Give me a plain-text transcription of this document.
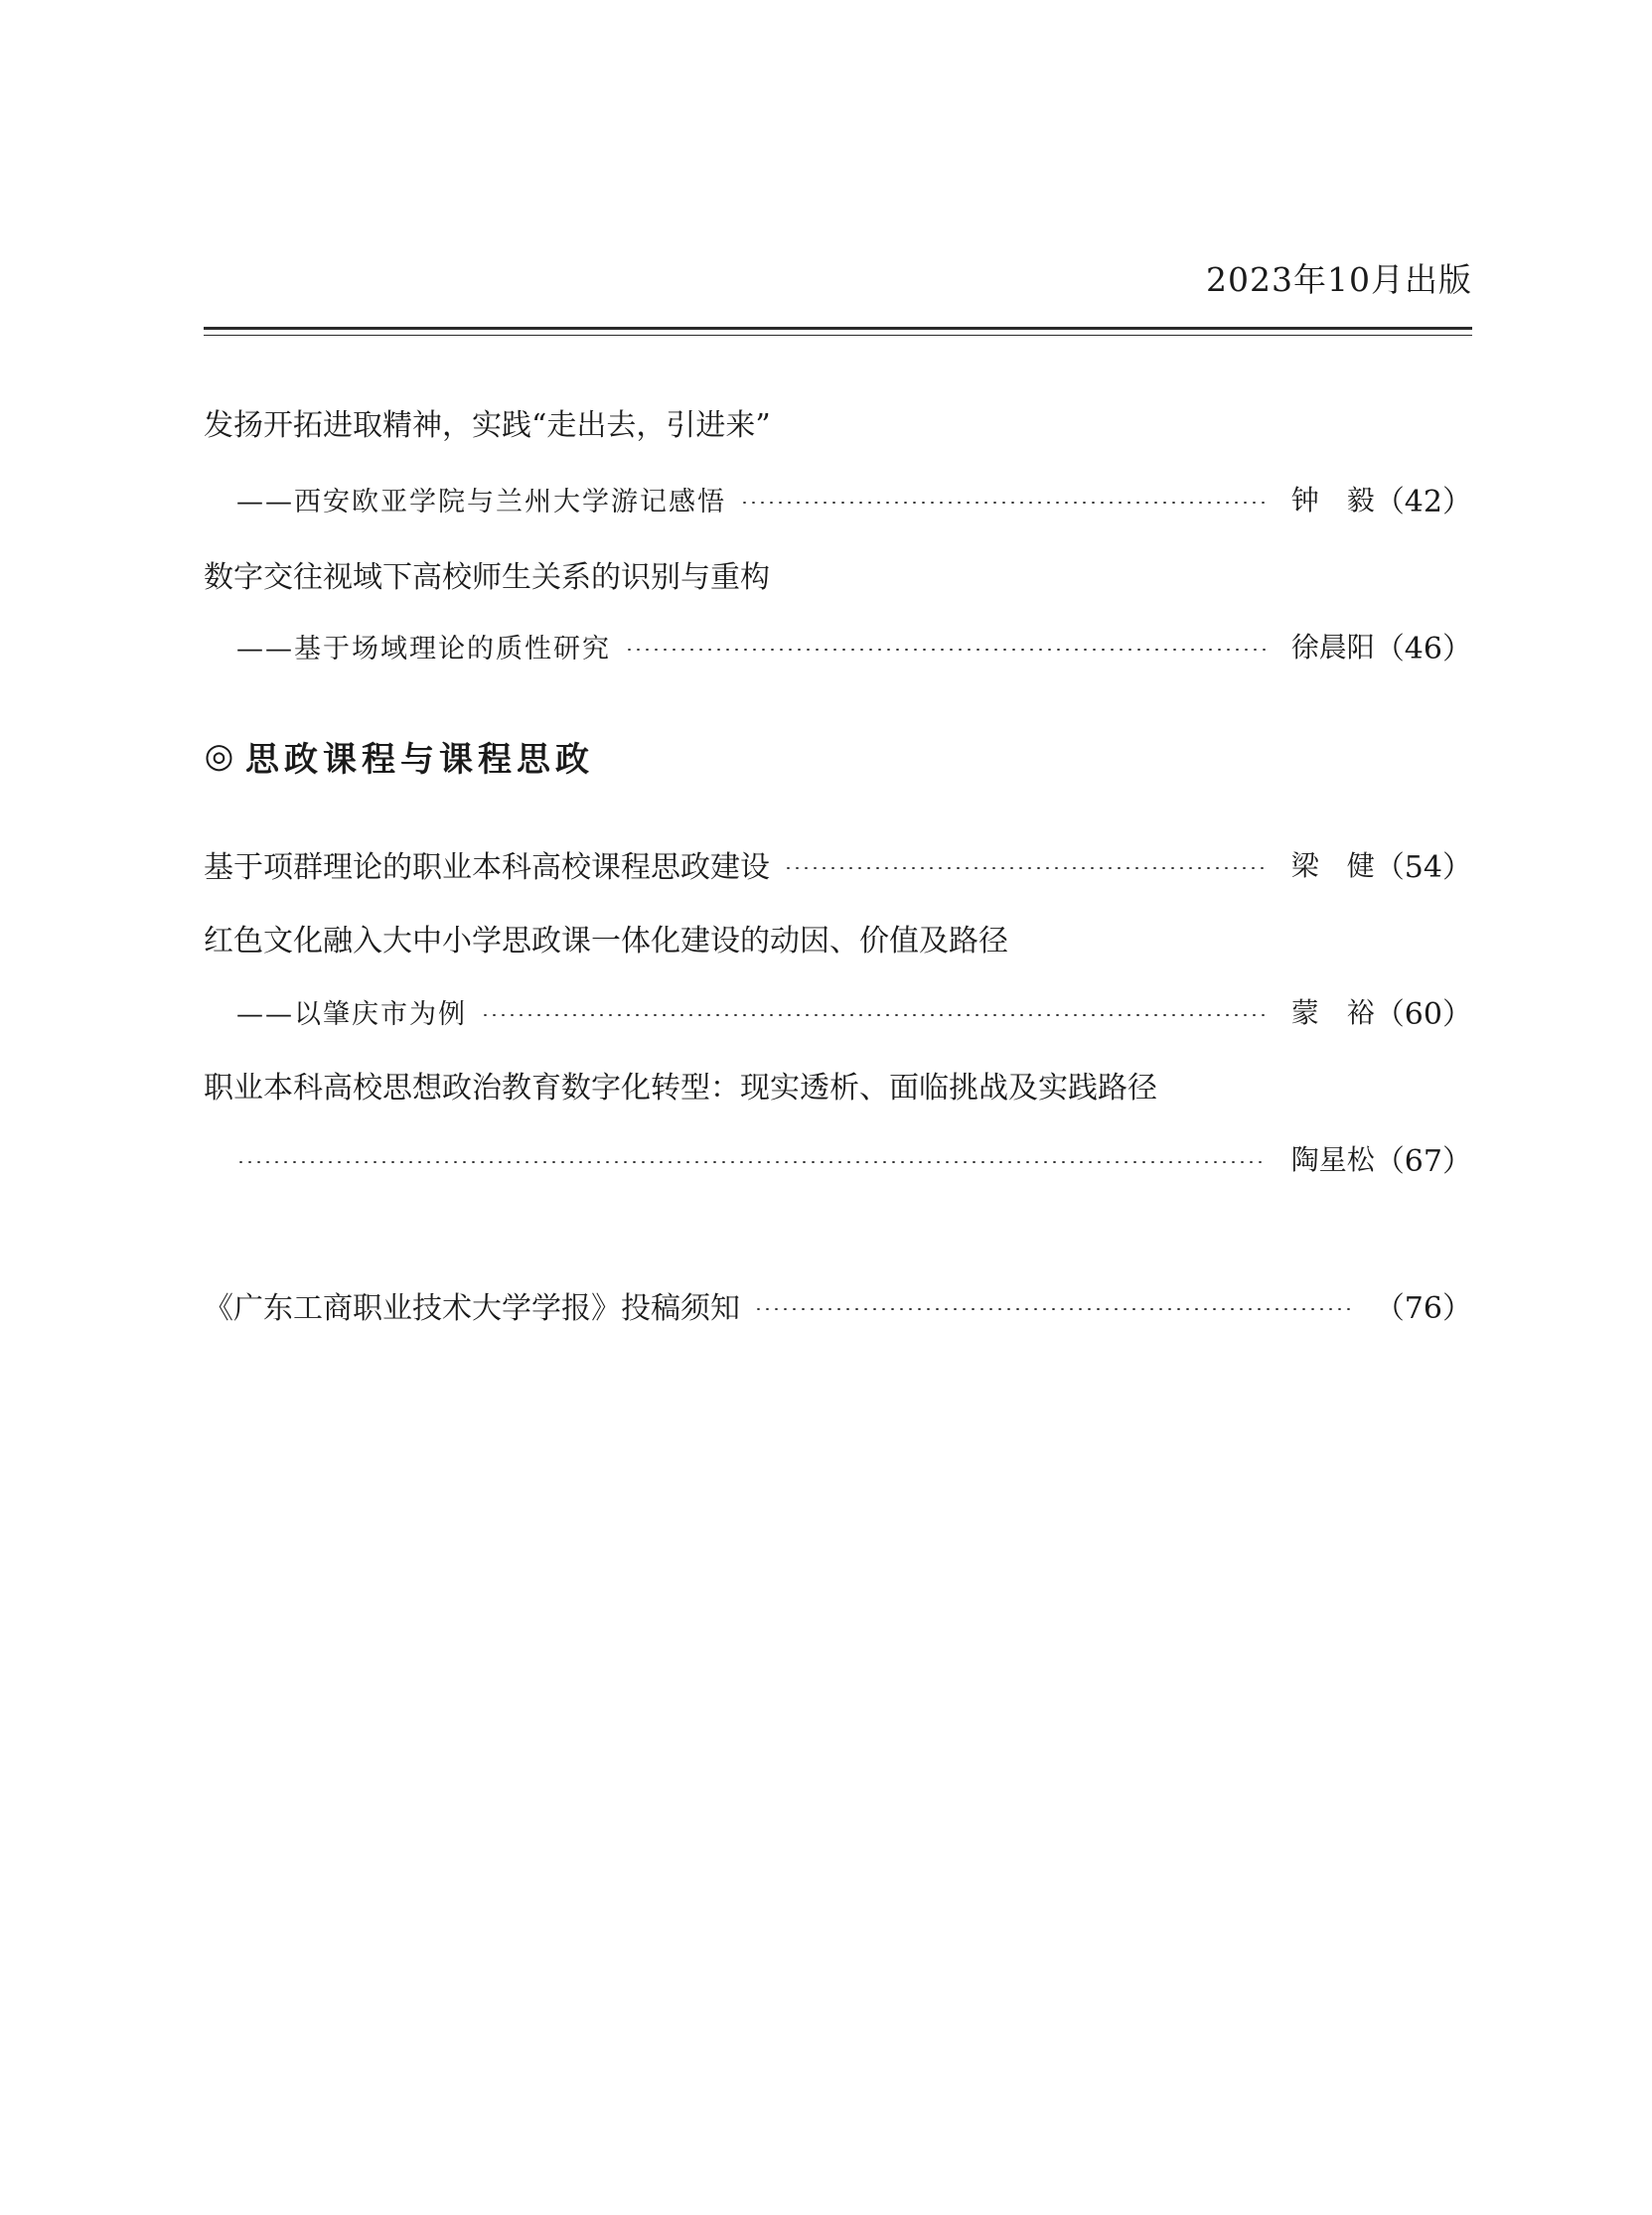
2023年10月出版
发扬开拓进取精神，实践“走出去，引进来”
——西安欧亚学院与兰州大学游记感悟	钟　毅 （42）
数字交往视域下高校师生关系的识别与重构
——基于场域理论的质性研究	徐晨阳 （46）
◎ 思政课程与课程思政
基于项群理论的职业本科高校课程思政建设	梁　健 （54）
红色文化融入大中小学思政课一体化建设的动因、价值及路径
——以肇庆市为例	蒙　裕 （60）
职业本科高校思想政治教育数字化转型：现实透析、面临挑战及实践路径
陶星松 （67）
《广东工商职业技术大学学报》投稿须知	（76）
